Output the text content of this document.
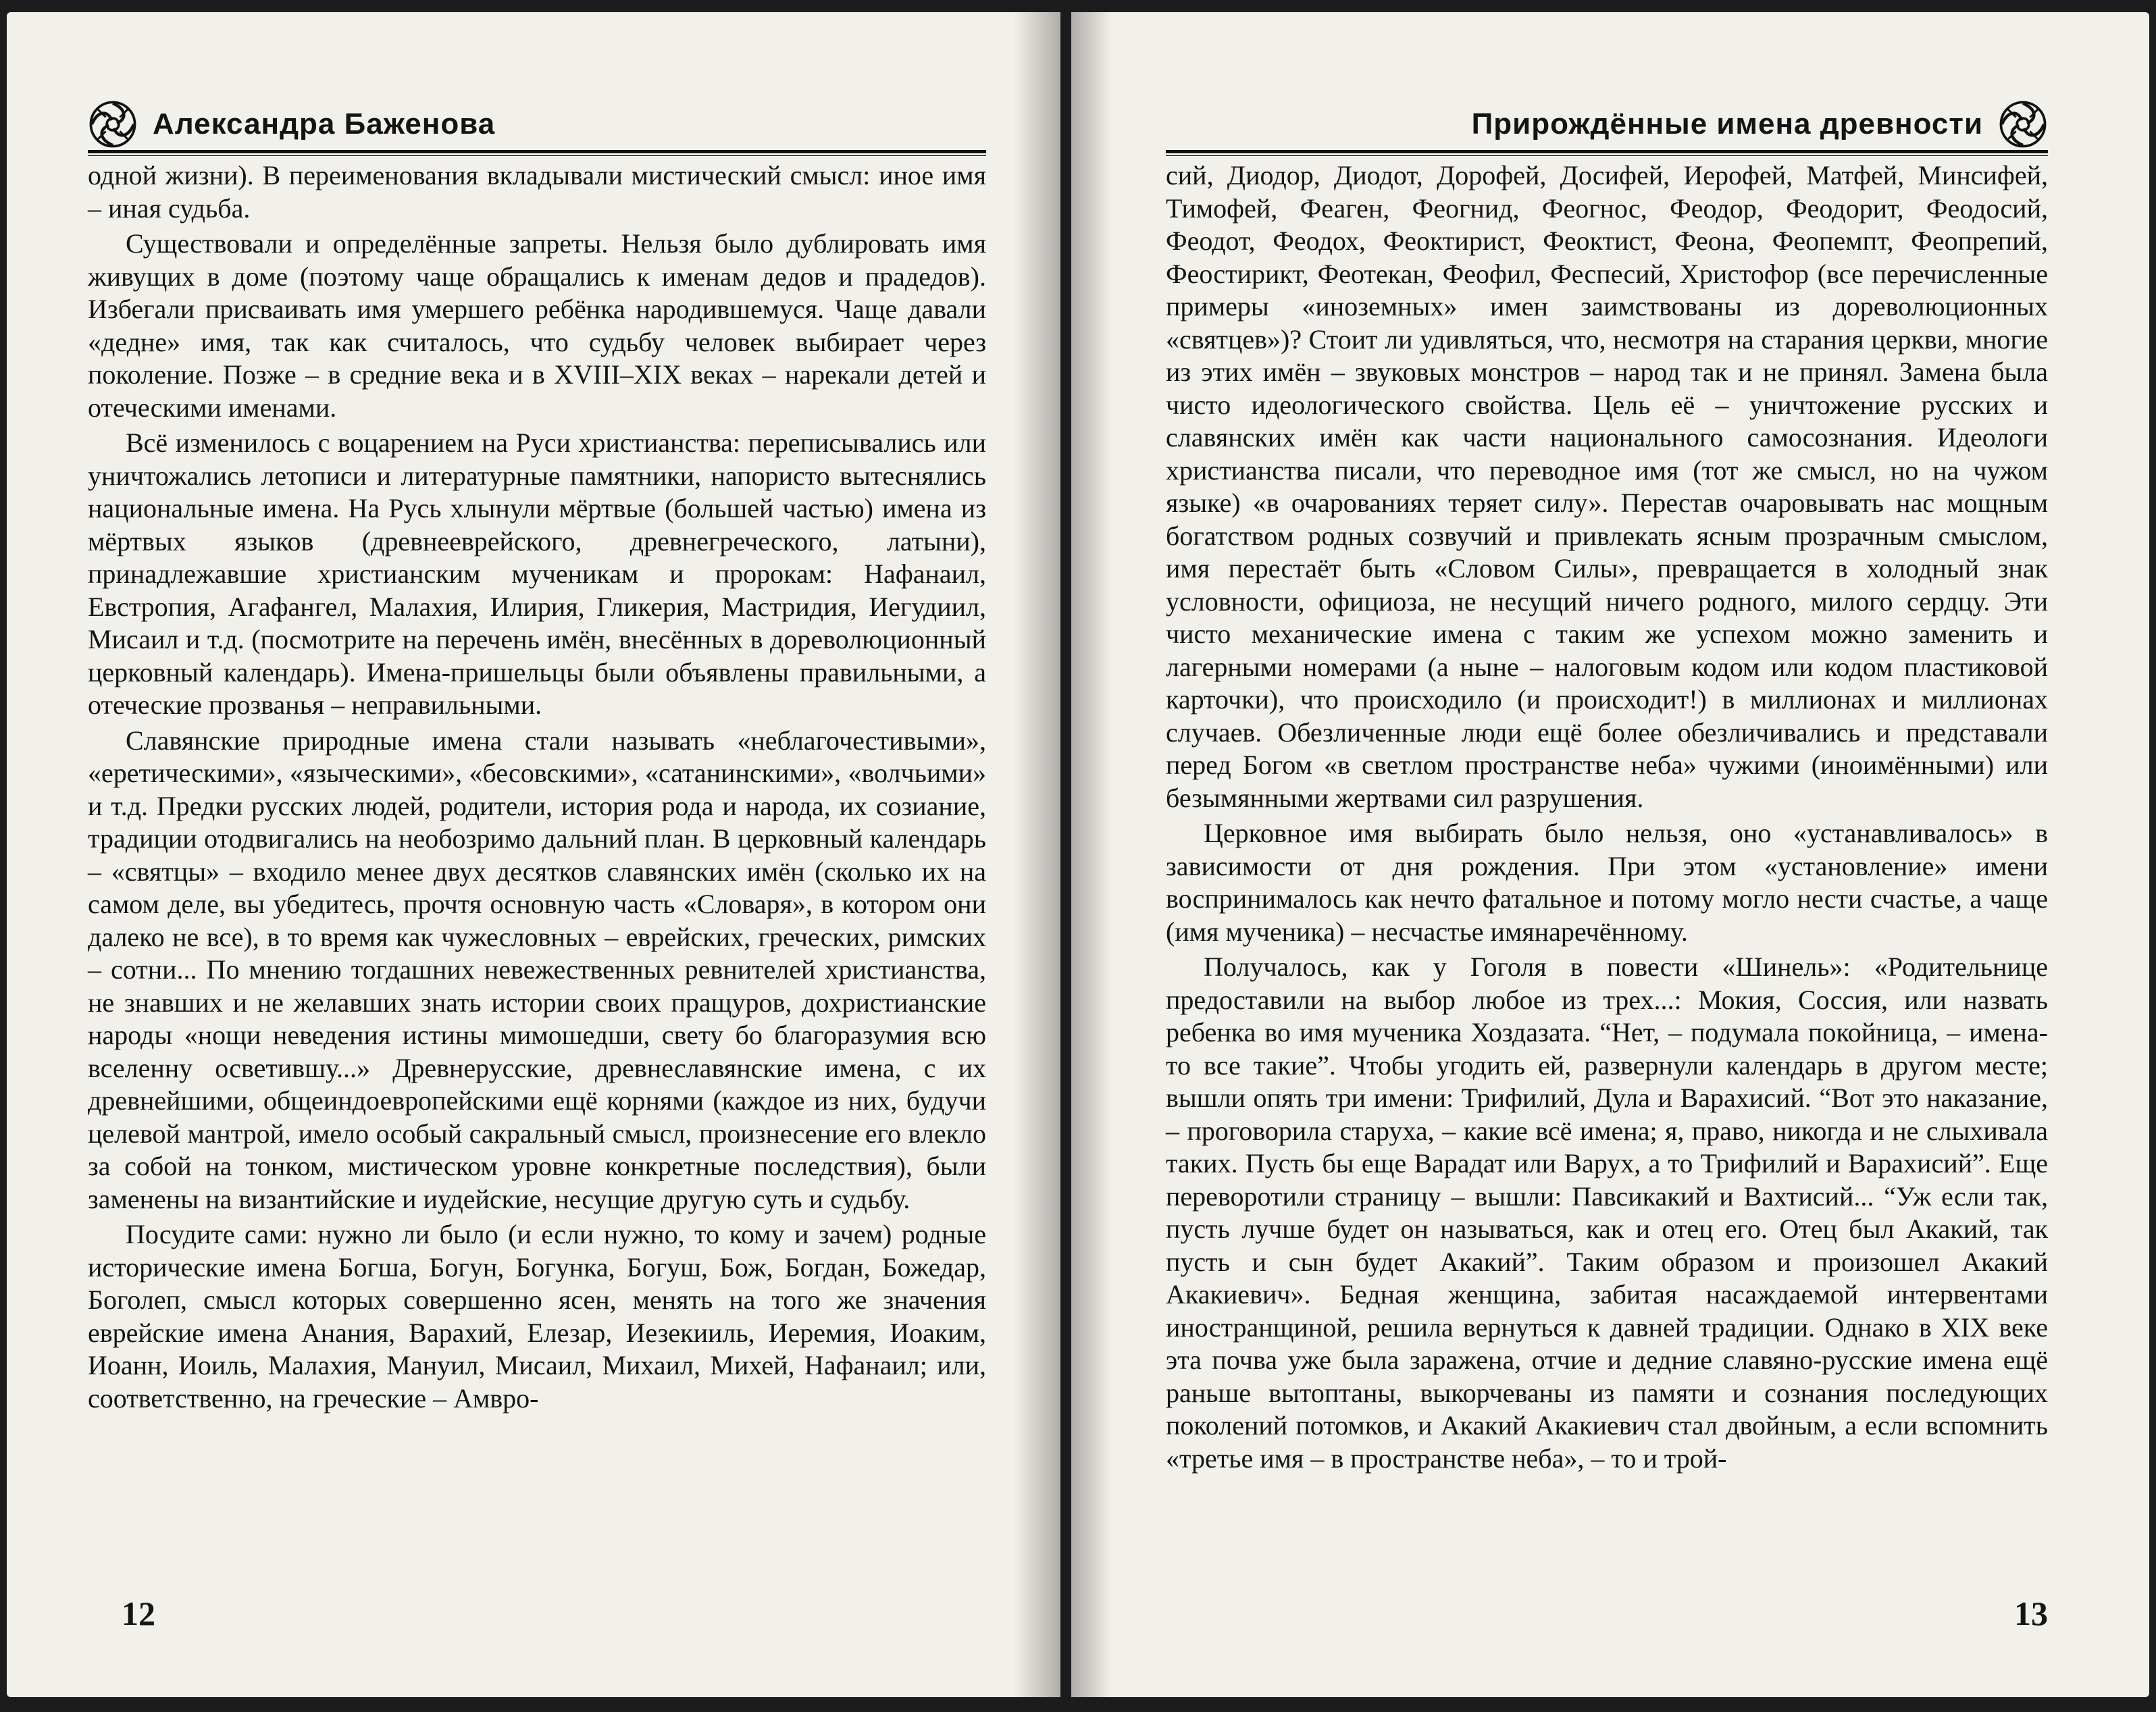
Александра Баженова

одной жизни). В переименования вкладывали мистический смысл: иное имя – иная судьба.

Существовали и определённые запреты. Нельзя было дублировать имя живущих в доме (поэтому чаще обращались к именам дедов и прадедов). Избегали присваивать имя умершего ребёнка народившемуся. Чаще давали «дедне» имя, так как считалось, что судьбу человек выбирает через поколение. Позже – в средние века и в XVIII–XIX веках – нарекали детей и отеческими именами.

Всё изменилось с воцарением на Руси христианства: переписывались или уничтожались летописи и литературные памятники, напористо вытеснялись национальные имена. На Русь хлынули мёртвые (большей частью) имена из мёртвых языков (древнееврейского, древнегреческого, латыни), принадлежавшие христианским мученикам и пророкам: Нафанаил, Евстропия, Агафангел, Малахия, Илирия, Гликерия, Мастридия, Иегудиил, Мисаил и т.д. (посмотрите на перечень имён, внесённых в дореволюционный церковный календарь). Имена-пришельцы были объявлены правильными, а отеческие прозванья – неправильными.

Славянские природные имена стали называть «неблагочестивыми», «еретическими», «языческими», «бесовскими», «сатанинскими», «волчьими» и т.д. Предки русских людей, родители, история рода и народа, их созиание, традиции отодвигались на необозримо дальний план. В церковный календарь – «святцы» – входило менее двух десятков славянских имён (сколько их на самом деле, вы убедитесь, прочтя основную часть «Словаря», в котором они далеко не все), в то время как чужесловных – еврейских, греческих, римских – сотни... По мнению тогдашних невежественных ревнителей христианства, не знавших и не желавших знать истории своих пращуров, дохристианские народы «нощи неведения истины мимошедши, свету бо благоразумия всю вселенну осветившу...» Древнерусские, древнеславянские имена, с их древнейшими, общеиндоевропейскими ещё корнями (каждое из них, будучи целевой мантрой, имело особый сакральный смысл, произнесение его влекло за собой на тонком, мистическом уровне конкретные последствия), были заменены на византийские и иудейские, несущие другую суть и судьбу.

Посудите сами: нужно ли было (и если нужно, то кому и зачем) родные исторические имена Богша, Богун, Богунка, Богуш, Бож, Богдан, Божедар, Боголеп, смысл которых совершенно ясен, менять на того же значения еврейские имена Анания, Варахий, Елезар, Иезекииль, Иеремия, Иоаким, Иоанн, Иоиль, Малахия, Мануил, Мисаил, Михаил, Михей, Нафанаил; или, соответственно, на греческие – Амвро-

12
Прирождённые имена древности

сий, Диодор, Диодот, Дорофей, Досифей, Иерофей, Матфей, Минсифей, Тимофей, Феаген, Феогнид, Феогнос, Феодор, Феодорит, Феодосий, Феодот, Феодох, Феоктирист, Феоктист, Феона, Феопемпт, Феопрепий, Феостирикт, Феотекан, Феофил, Феспесий, Христофор (все перечисленные примеры «иноземных» имен заимствованы из дореволюционных «святцев»)? Стоит ли удивляться, что, несмотря на старания церкви, многие из этих имён – звуковых монстров – народ так и не принял. Замена была чисто идеологического свойства. Цель её – уничтожение русских и славянских имён как части национального самосознания. Идеологи христианства писали, что переводное имя (тот же смысл, но на чужом языке) «в очарованиях теряет силу». Перестав очаровывать нас мощным богатством родных созвучий и привлекать ясным прозрачным смыслом, имя перестаёт быть «Словом Силы», превращается в холодный знак условности, официоза, не несущий ничего родного, милого сердцу. Эти чисто механические имена с таким же успехом можно заменить и лагерными номерами (а ныне – налоговым кодом или кодом пластиковой карточки), что происходило (и происходит!) в миллионах и миллионах случаев. Обезличенные люди ещё более обезличивались и представали перед Богом «в светлом пространстве неба» чужими (иноимёнными) или безымянными жертвами сил разрушения.

Церковное имя выбирать было нельзя, оно «устанавливалось» в зависимости от дня рождения. При этом «установление» имени воспринималось как нечто фатальное и потому могло нести счастье, а чаще (имя мученика) – несчастье имянаречённому.

Получалось, как у Гоголя в повести «Шинель»: «Родительнице предоставили на выбор любое из трех...: Мокия, Соссия, или назвать ребенка во имя мученика Хоздазата. “Нет, – подумала покойница, – имена-то все такие”. Чтобы угодить ей, развернули календарь в другом месте; вышли опять три имени: Трифилий, Дула и Варахисий. “Вот это наказание, – проговорила старуха, – какие всё имена; я, право, никогда и не слыхивала таких. Пусть бы еще Варадат или Варух, а то Трифилий и Варахисий”. Еще переворотили страницу – вышли: Павсикакий и Вахтисий... “Уж если так, пусть лучше будет он называться, как и отец его. Отец был Акакий, так пусть и сын будет Акакий”. Таким образом и произошел Акакий Акакиевич». Бедная женщина, забитая насаждаемой интервентами иностранщиной, решила вернуться к давней традиции. Однако в XIX веке эта почва уже была заражена, отчие и дедние славяно-русские имена ещё раньше вытоптаны, выкорчеваны из памяти и сознания последующих поколений потомков, и Акакий Акакиевич стал двойным, а если вспомнить «третье имя – в пространстве неба», – то и трой-

13
